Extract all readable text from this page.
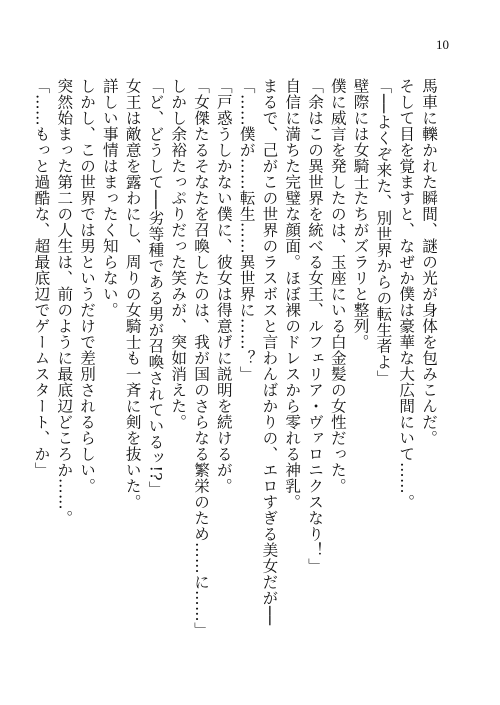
10
馬車に轢かれた瞬間、謎の光が身体を包みこんだ。
そして目を覚ますと、なぜか僕は豪華な大広間にいて……。
「──よくぞ来た、別世界からの転生者よ」
壁際には女騎士たちがズラリと整列。
僕に威言を発したのは、玉座にいる白金髪の女性だった。
「余はこの異世界を統べる女王、ルフェリア・ヴァロニクスなり！」
自信に満ちた完璧な顔面。ほぼ裸のドレスから零れる神乳。
まるで、己がこの世界のラスボスと言わんばかりの、エロすぎる美女だが──
「……僕が……転生……異世界に……？」
「戸惑うしかない僕に、彼女は得意げに説明を続けるが。
「女傑たるそなたを召喚したのは、我が国のさらなる繁栄のため……に……」
しかし余裕たっぷりだった笑みが、突如消えた。
「ど、どうして──劣等種である男が召喚されているッ!?」
女王は敵意を露わにし、周りの女騎士も一斉に剣を抜いた。
詳しい事情はまったく知らない。
しかし、この世界では男というだけで差別されるらしい。
突然始まった第二の人生は、前のように最底辺どころか……。
「……もっと過酷な、超最底辺でゲームスタート、か」
